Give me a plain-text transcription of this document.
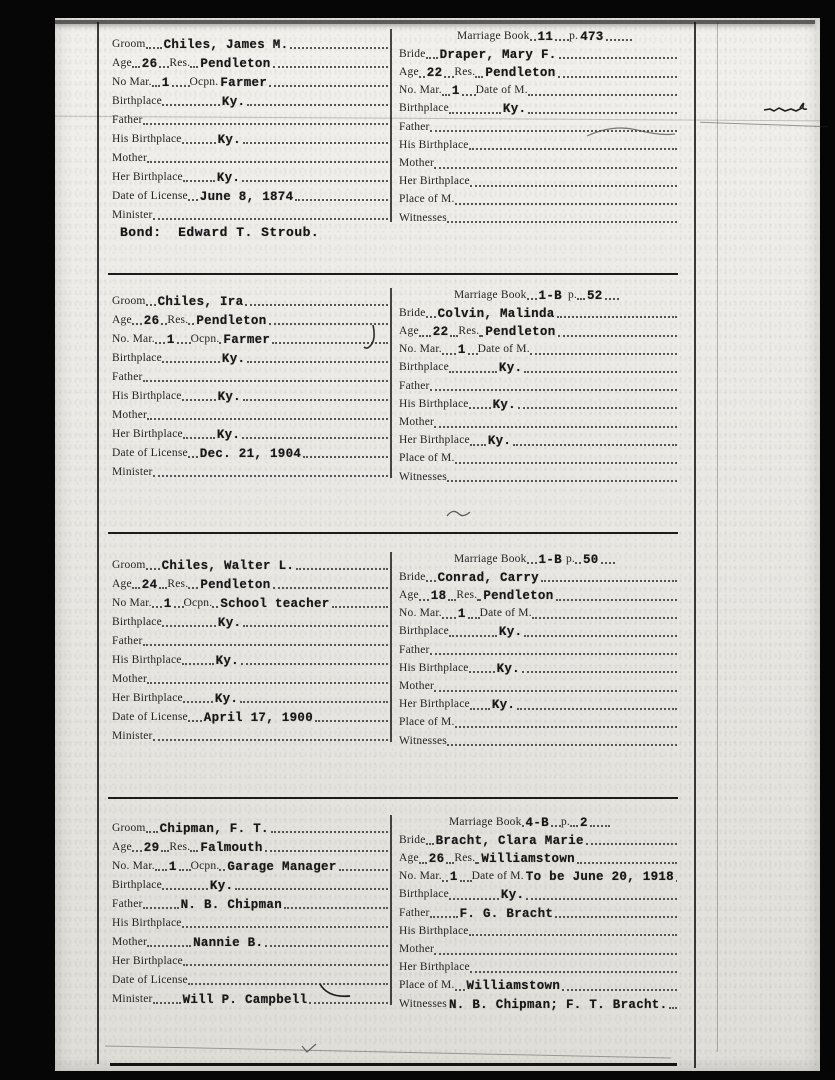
Groom Chiles, James M.
Age 26 Res. Pendleton
No Mar. 1 Ocpn. Farmer
Birthplace	Ky.
Father
His Birthplace	Ky.
Mother
Her Birthplace	Ky.
Date of License June 8, 1874
Minister
Bond:  Edward T. Stroub.
Marriage Book 11 p. 473
Bride Draper, Mary F.
Age 22 Res. Pendleton
No. Mar. 1 Date of M.
Birthplace	Ky.
Father
His Birthplace
Mother
Her Birthplace
Place of M.
Witnesses
Groom Chiles, Ira
Age 26 Res. Pendleton
No. Mar. 1 Ocpn. Farmer
Birthplace	Ky.
Father
His Birthplace	Ky.
Mother
Her Birthplace	Ky.
Date of License Dec. 21, 1904
Minister
Marriage Book 1-B p. 52
Bride Colvin, Malinda
Age 22 Res. Pendleton
No. Mar. 1 Date of M.
Birthplace	Ky.
Father
His Birthplace Ky.
Mother
Her Birthplace Ky.
Place of M.
Witnesses
Groom Chiles, Walter L.
Age 24 Res. Pendleton
No Mar. 1 Ocpn. School teacher
Birthplace	Ky.
Father
His Birthplace	Ky.
Mother
Her Birthplace	Ky.
Date of License April 17, 1900
Minister
Marriage Book 1-B p. 50
Bride Conrad, Carry
Age 18 Res. Pendleton
No. Mar. 1 Date of M.
Birthplace	Ky.
Father
His Birthplace Ky.
Mother
Her Birthplace Ky.
Place of M.
Witnesses
Groom Chipman, F. T.
Age 29 Res. Falmouth
No. Mar. 1 Ocpn. Garage Manager
Birthplace	Ky.
Father	N. B. Chipman
His Birthplace
Mother	Nannie B.
Her Birthplace
Date of License
Minister Will P. Campbell
Marriage Book 4-B p. 2
Bride Bracht, Clara Marie
Age 26 Res. Williamstown
No. Mar. 1 Date of M. To be June 20, 1918
Birthplace	Ky.
Father F. G. Bracht
His Birthplace
Mother
Her Birthplace
Place of M. Williamstown
Witnesses N. B. Chipman; F. T. Bracht.
